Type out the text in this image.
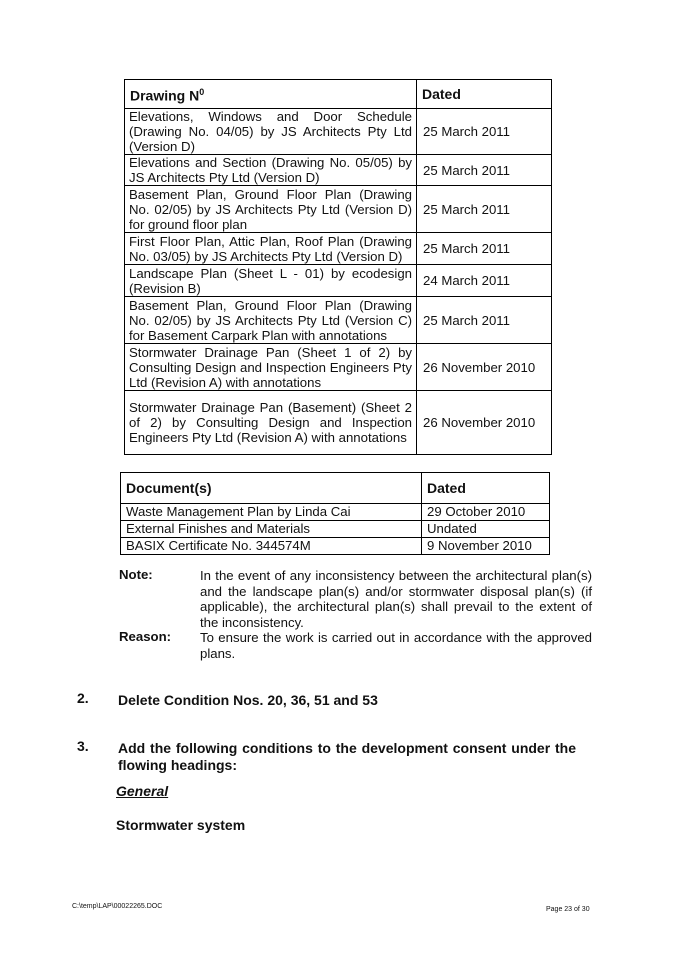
Drawing $N^0$	Dated
Elevations, Windows and Door Schedule (Drawing No. 04/05) by JS Architects Pty Ltd (Version D)	25 March 2011
Elevations and Section (Drawing No. 05/05) by JS Architects Pty Ltd (Version D)	25 March 2011
Basement Plan, Ground Floor Plan (Drawing No. 02/05) by JS Architects Pty Ltd (Version D) for ground floor plan	25 March 2011
First Floor Plan, Attic Plan, Roof Plan (Drawing No. 03/05) by JS Architects Pty Ltd (Version D)	25 March 2011
Landscape Plan (Sheet L - 01) by ecodesign (Revision B)	24 March 2011
Basement Plan, Ground Floor Plan (Drawing No. 02/05) by JS Architects Pty Ltd (Version C) for Basement Carpark Plan with annotations	25 March 2011
Stormwater Drainage Pan (Sheet 1 of 2) by Consulting Design and Inspection Engineers Pty Ltd (Revision A) with annotations	26 November 2010
Stormwater Drainage Pan (Basement) (Sheet 2 of 2) by Consulting Design and Inspection Engineers Pty Ltd (Revision A) with annotations	26 November 2010
Document(s)	Dated
Waste Management Plan by Linda Cai	29 October 2010
External Finishes and Materials	Undated
BASIX Certificate No. 344574M	9 November 2010
Note:	In the event of any inconsistency between the architectural plan(s) and the landscape plan(s) and/or stormwater disposal plan(s) (if applicable), the architectural plan(s) shall prevail to the extent of the inconsistency.
Reason: To ensure the work is carried out in accordance with the approved plans.
2. Delete Condition Nos. 20, 36, 51 and 53
3. Add the following conditions to the development consent under the flowing headings:
General
Stormwater system
C:\temp\LAP\00022265.DOC	Page 23 of 30
